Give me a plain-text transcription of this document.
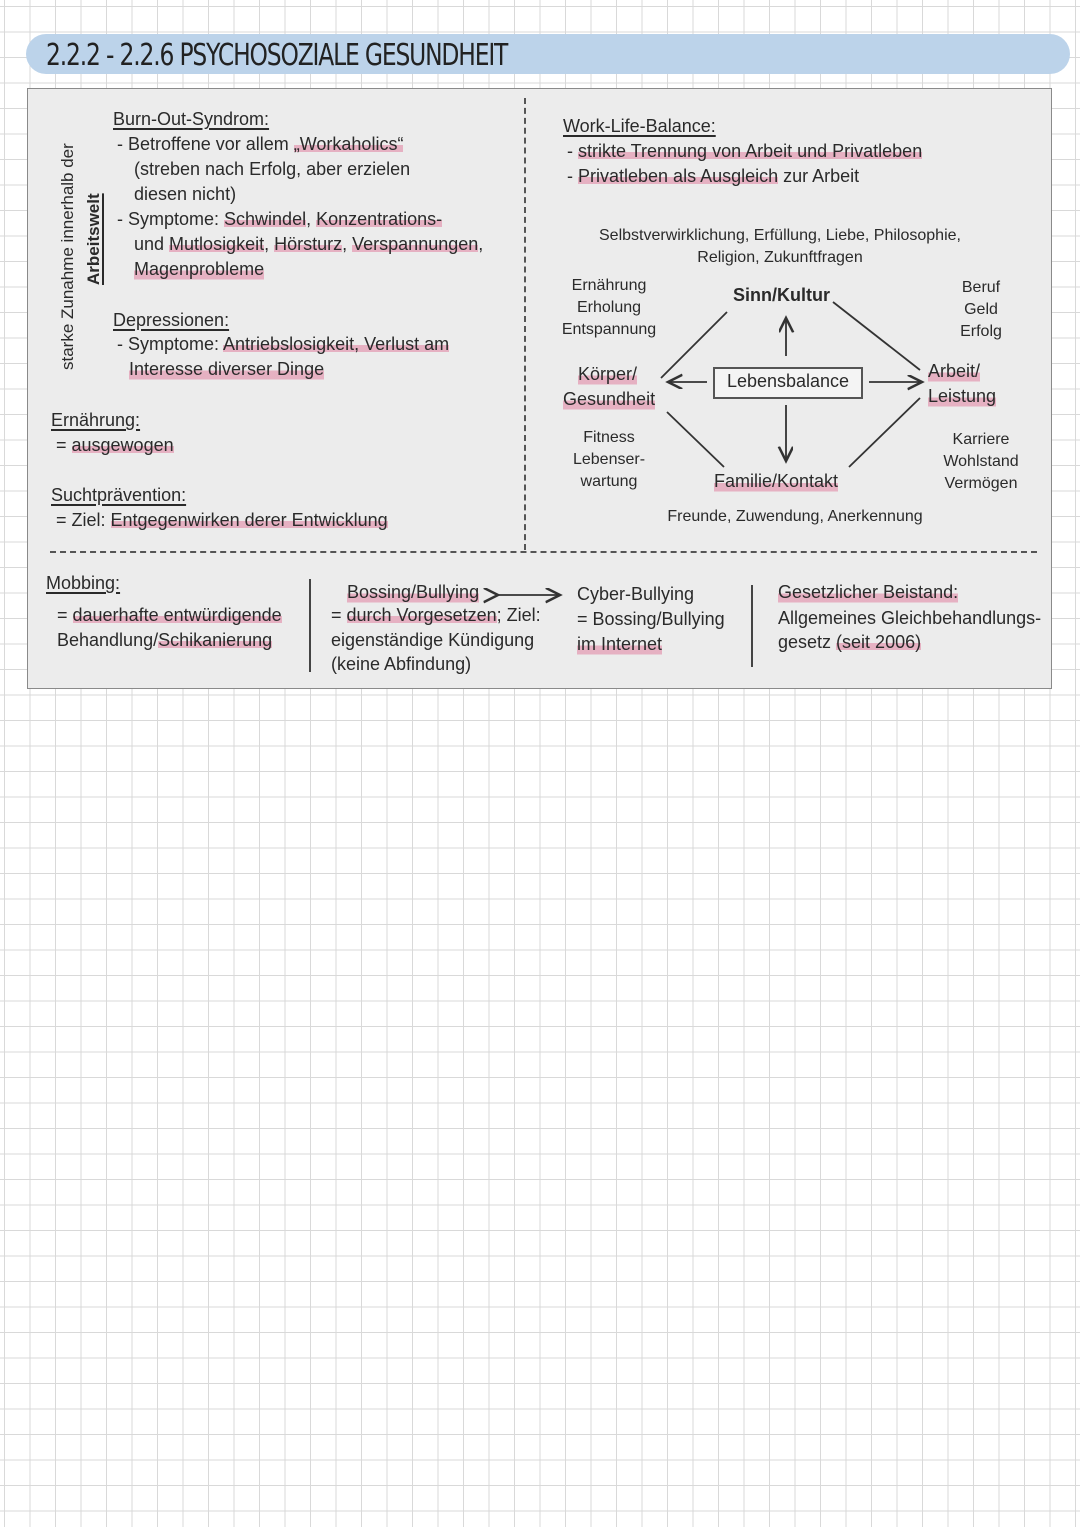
2.2.2 - 2.2.6 PSYCHOSOZIALE GESUNDHEIT
starke Zunahme innerhalb der Arbeitswelt
Burn-Out-Syndrom:
- Betroffene vor allem „Workaholics“
(streben nach Erfolg, aber erzielen
diesen nicht)
- Symptome: Schwindel, Konzentrations-
und Mutlosigkeit, Hörsturz, Verspannungen,
Magenprobleme
Depressionen:
- Symptome: Antriebslosigkeit, Verlust am
Interesse diverser Dinge
Ernährung:
= ausgewogen
Suchtprävention:
= Ziel: Entgegenwirken derer Entwicklung
Work-Life-Balance:
- strikte Trennung von Arbeit und Privatleben
- Privatleben als Ausgleich zur Arbeit
Selbstverwirklichung, Erfüllung, Liebe, Philosophie,
Religion, Zukunftfragen
Ernährung
Erholung
Entspannung
Beruf
Geld
Erfolg
Sinn/Kultur
Körper/
Gesundheit
Arbeit/
Leistung
Familie/Kontakt
Lebensbalance
Fitness
Lebenser-
wartung
Karriere
Wohlstand
Vermögen
Freunde, Zuwendung, Anerkennung
Mobbing:
= dauerhafte entwürdigende
Behandlung/Schikanierung
Bossing/Bullying
= durch Vorgesetzen; Ziel:
eigenständige Kündigung
(keine Abfindung)
Cyber-Bullying
= Bossing/Bullying
im Internet
Gesetzlicher Beistand:
Allgemeines Gleichbehandlungs-
gesetz (seit 2006)
